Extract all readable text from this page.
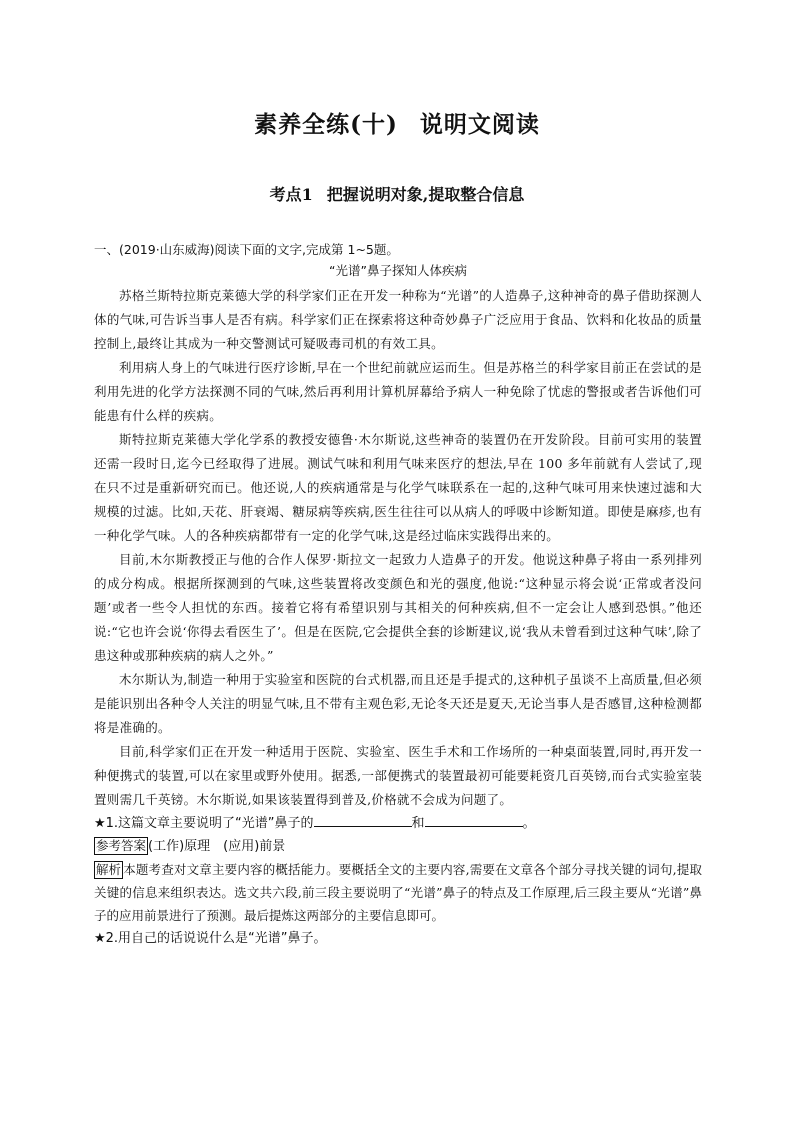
素养全练(十) 说明文阅读
考点1 把握说明对象,提取整合信息

一、(2019·山东威海)阅读下面的文字,完成第 1~5题。

“光谱”鼻子探知人体疾病

苏格兰斯特拉斯克莱德大学的科学家们正在开发一种称为“光谱”的人造鼻子,这种神奇的鼻子借助探测人体的气味,可告诉当事人是否有病。科学家们正在探索将这种奇妙鼻子广泛应用于食品、饮料和化妆品的质量控制上,最终让其成为一种交警测试可疑吸毒司机的有效工具。

利用病人身上的气味进行医疗诊断,早在一个世纪前就应运而生。但是苏格兰的科学家目前正在尝试的是利用先进的化学方法探测不同的气味,然后再利用计算机屏幕给予病人一种免除了忧虑的警报或者告诉他们可能患有什么样的疾病。

斯特拉斯克莱德大学化学系的教授安德鲁·木尔斯说,这些神奇的装置仍在开发阶段。目前可实用的装置还需一段时日,迄今已经取得了进展。测试气味和利用气味来医疗的想法,早在 100 多年前就有人尝试了,现在只不过是重新研究而已。他还说,人的疾病通常是与化学气味联系在一起的,这种气味可用来快速过滤和大规模的过滤。比如,天花、肝衰竭、糖尿病等疾病,医生往往可以从病人的呼吸中诊断知道。即使是麻疹,也有一种化学气味。人的各种疾病都带有一定的化学气味,这是经过临床实践得出来的。

目前,木尔斯教授正与他的合作人保罗·斯拉文一起致力人造鼻子的开发。他说这种鼻子将由一系列排列的成分构成。根据所探测到的气味,这些装置将改变颜色和光的强度,他说:“这种显示将会说‘正常或者没问题’或者一些令人担忧的东西。接着它将有希望识别与其相关的何种疾病,但不一定会让人感到恐惧。”他还说:“它也许会说‘你得去看医生了’。但是在医院,它会提供全套的诊断建议,说‘我从未曾看到过这种气味’,除了患这种或那种疾病的病人之外。”

木尔斯认为,制造一种用于实验室和医院的台式机器,而且还是手提式的,这种机子虽谈不上高质量,但必须是能识别出各种令人关注的明显气味,且不带有主观色彩,无论冬天还是夏天,无论当事人是否感冒,这种检测都将是准确的。

目前,科学家们正在开发一种适用于医院、实验室、医生手术和工作场所的一种桌面装置,同时,再开发一种便携式的装置,可以在家里或野外使用。据悉,一部便携式的装置最初可能要耗资几百英镑,而台式实验室装置则需几千英镑。木尔斯说,如果该装置得到普及,价格就不会成为问题了。

★1.这篇文章主要说明了“光谱”鼻子的	和	。

参考答案 (工作)原理　(应用)前景

解析 本题考查对文章主要内容的概括能力。要概括全文的主要内容,需要在文章各个部分寻找关键的词句,提取关键的信息来组织表达。选文共六段,前三段主要说明了“光谱”鼻子的特点及工作原理,后三段主要从“光谱”鼻子的应用前景进行了预测。最后提炼这两部分的主要信息即可。

★2.用自己的话说说什么是“光谱”鼻子。
